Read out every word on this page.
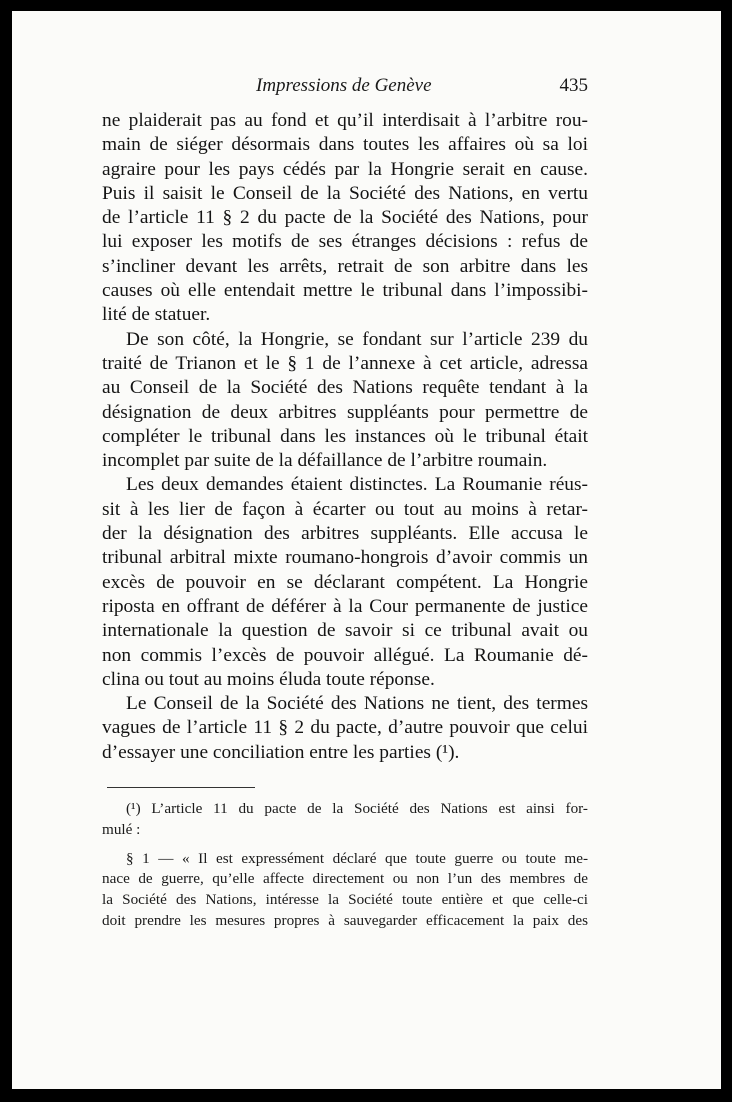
Impressions de Genève	435
ne plaiderait pas au fond et qu’il interdisait à l’arbitre rou-
main de siéger désormais dans toutes les affaires où sa loi
agraire pour les pays cédés par la Hongrie serait en cause.
Puis il saisit le Conseil de la Société des Nations, en vertu
de l’article 11 § 2 du pacte de la Société des Nations, pour
lui exposer les motifs de ses étranges décisions : refus de
s’incliner devant les arrêts, retrait de son arbitre dans les
causes où elle entendait mettre le tribunal dans l’impossibi-
lité de statuer.
De son côté, la Hongrie, se fondant sur l’article 239 du
traité de Trianon et le § 1 de l’annexe à cet article, adressa
au Conseil de la Société des Nations requête tendant à la
désignation de deux arbitres suppléants pour permettre de
compléter le tribunal dans les instances où le tribunal était
incomplet par suite de la défaillance de l’arbitre roumain.
Les deux demandes étaient distinctes. La Roumanie réus-
sit à les lier de façon à écarter ou tout au moins à retar-
der la désignation des arbitres suppléants. Elle accusa le
tribunal arbitral mixte roumano-hongrois d’avoir commis un
excès de pouvoir en se déclarant compétent. La Hongrie
riposta en offrant de déférer à la Cour permanente de justice
internationale la question de savoir si ce tribunal avait ou
non commis l’excès de pouvoir allégué. La Roumanie dé-
clina ou tout au moins éluda toute réponse.
Le Conseil de la Société des Nations ne tient, des termes
vagues de l’article 11 § 2 du pacte, d’autre pouvoir que celui
d’essayer une conciliation entre les parties (¹).
(¹) L’article 11 du pacte de la Société des Nations est ainsi for-
mulé :
§ 1 — « Il est expressément déclaré que toute guerre ou toute me-
nace de guerre, qu’elle affecte directement ou non l’un des membres de
la Société des Nations, intéresse la Société toute entière et que celle-ci
doit prendre les mesures propres à sauvegarder efficacement la paix des
